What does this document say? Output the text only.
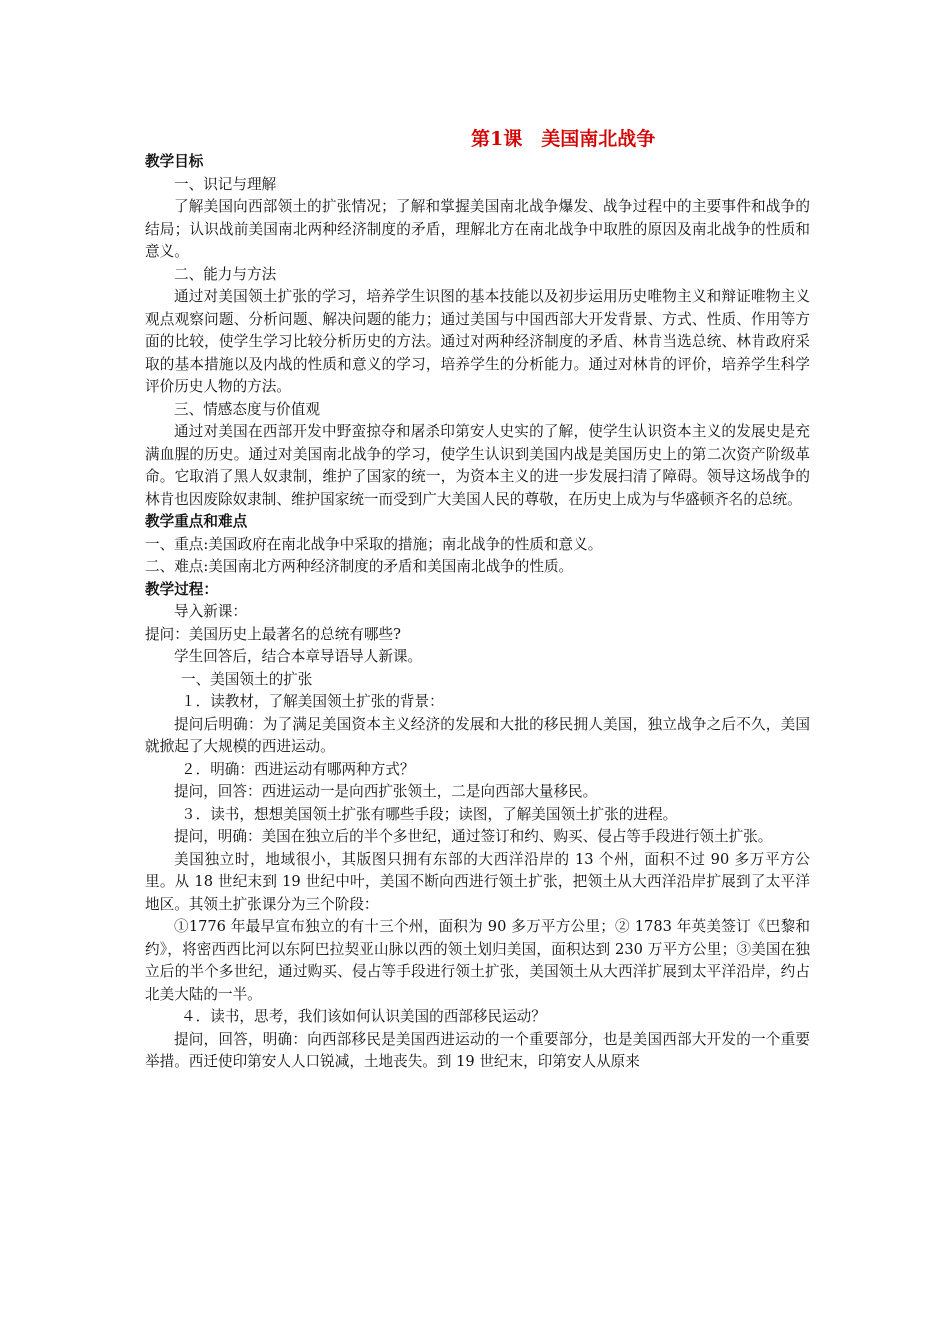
第1课　美国南北战争

教学目标

一、识记与理解

了解美国向西部领土的扩张情况；了解和掌握美国南北战争爆发、战争过程中的主要事件和战争的结局；认识战前美国南北两种经济制度的矛盾，理解北方在南北战争中取胜的原因及南北战争的性质和意义。

二、能力与方法

通过对美国领土扩张的学习，培养学生识图的基本技能以及初步运用历史唯物主义和辩证唯物主义观点观察问题、分析问题、解决问题的能力；通过美国与中国西部大开发背景、方式、性质、作用等方面的比较，使学生学习比较分析历史的方法。通过对两种经济制度的矛盾、林肯当选总统、林肯政府采取的基本措施以及内战的性质和意义的学习，培养学生的分析能力。通过对林肯的评价，培养学生科学评价历史人物的方法。

三、情感态度与价值观

通过对美国在西部开发中野蛮掠夺和屠杀印第安人史实的了解，使学生认识资本主义的发展史是充满血腥的历史。通过对美国南北战争的学习，使学生认识到美国内战是美国历史上的第二次资产阶级革命。它取消了黑人奴隶制，维护了国家的统一，为资本主义的进一步发展扫清了障碍。领导这场战争的林肯也因废除奴隶制、维护国家统一而受到广大美国人民的尊敬，在历史上成为与华盛顿齐名的总统。

教学重点和难点

一、重点:美国政府在南北战争中采取的措施；南北战争的性质和意义。

二、难点:美国南北方两种经济制度的矛盾和美国南北战争的性质。

教学过程：

导入新课：

提问：美国历史上最著名的总统有哪些?

学生回答后，结合本章导语导人新课。

一、美国领土的扩张

１．读教材，了解美国领土扩张的背景：

提问后明确：为了满足美国资本主义经济的发展和大批的移民拥人美国，独立战争之后不久，美国就掀起了大规模的西进运动。

２．明确：西进运动有哪两种方式？

提问，回答：西进运动一是向西扩张领土，二是向西部大量移民。

３．读书，想想美国领土扩张有哪些手段；读图，了解美国领土扩张的进程。

提问，明确：美国在独立后的半个多世纪，通过签订和约、购买、侵占等手段进行领土扩张。

美国独立时，地域很小，其版图只拥有东部的大西洋沿岸的 13 个州，面积不过 90 多万平方公里。从 18 世纪末到 19 世纪中叶，美国不断向西进行领土扩张，把领土从大西洋沿岸扩展到了太平洋地区。其领土扩张课分为三个阶段：

①1776 年最早宣布独立的有十三个州，面积为 90 多万平方公里；② 1783 年英美签订《巴黎和约》，将密西西比河以东阿巴拉契亚山脉以西的领土划归美国，面积达到 230 万平方公里；③美国在独立后的半个多世纪，通过购买、侵占等手段进行领土扩张，美国领土从大西洋扩展到太平洋沿岸，约占北美大陆的一半。

４．读书，思考，我们该如何认识美国的西部移民运动？

提问，回答，明确：向西部移民是美国西进运动的一个重要部分，也是美国西部大开发的一个重要举措。西迁使印第安人人口锐减，土地丧失。到 19 世纪末，印第安人从原来
